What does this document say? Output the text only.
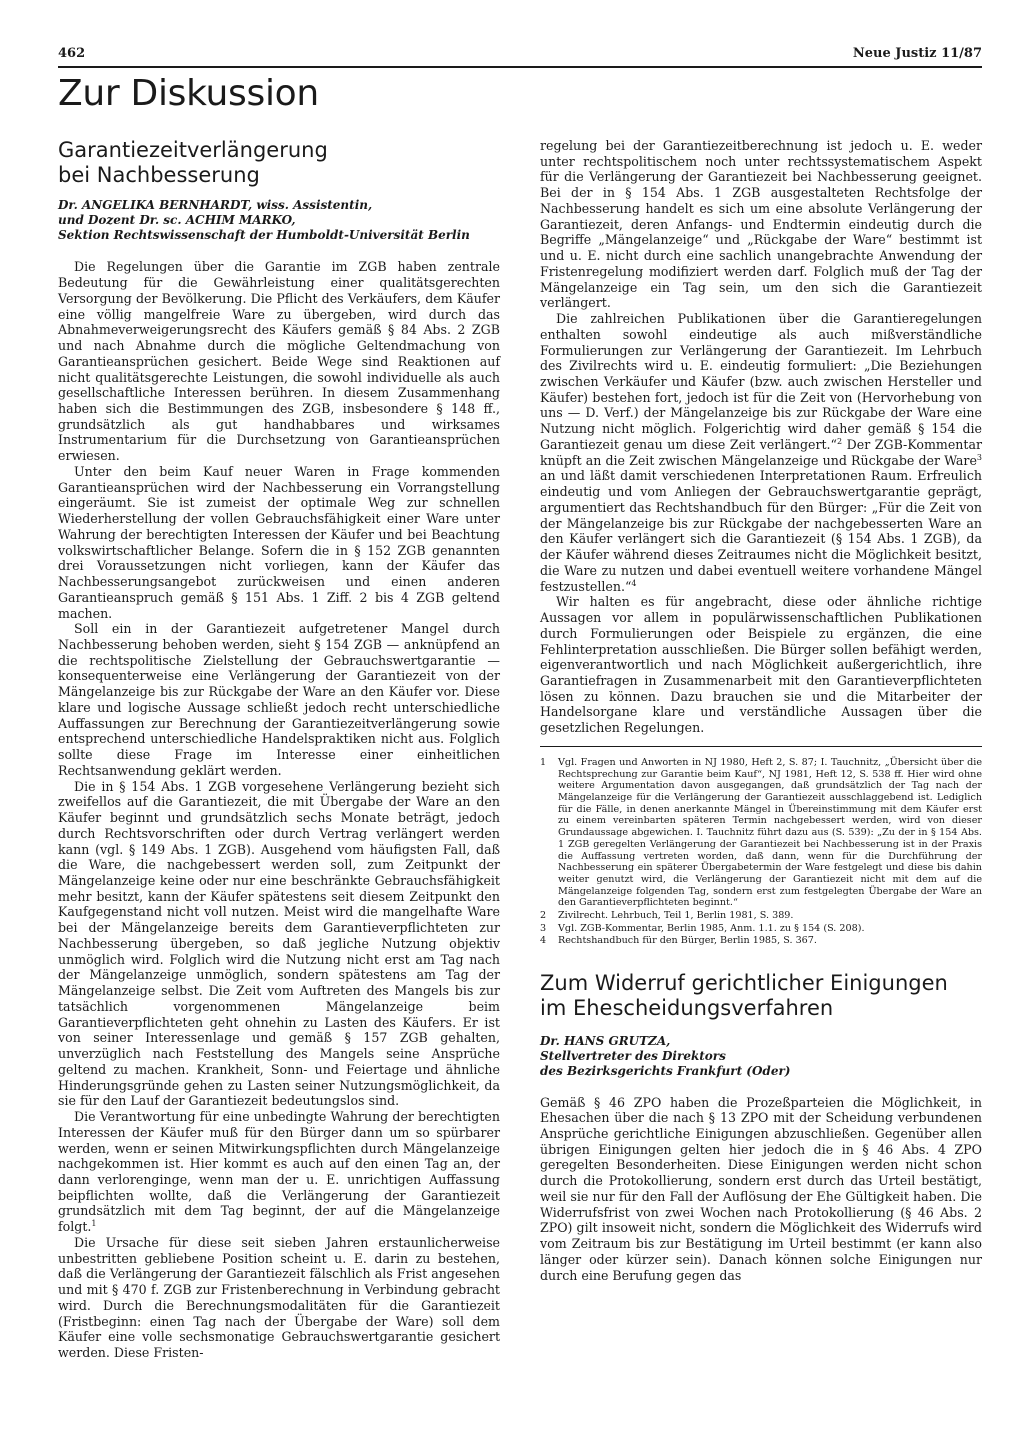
462	Neue Justiz 11/87
Zur Diskussion
Garantiezeitverlängerung
bei Nachbesserung
Dr. ANGELIKA BERNHARDT, wiss. Assistentin,
und Dozent Dr. sc. ACHIM MARKO,
Sektion Rechtswissenschaft der Humboldt-Universität Berlin

Die Regelungen über die Garantie im ZGB haben zentrale Bedeutung für die Gewährleistung einer qualitätsgerechten Versorgung der Bevölkerung. Die Pflicht des Verkäufers, dem Käufer eine völlig mangelfreie Ware zu übergeben, wird durch das Abnahmeverweigerungsrecht des Käufers gemäß § 84 Abs. 2 ZGB und nach Abnahme durch die mögliche Geltendmachung von Garantieansprüchen gesichert. Beide Wege sind Reaktionen auf nicht qualitätsgerechte Leistungen, die sowohl individuelle als auch gesellschaftliche Interessen berühren. In diesem Zusammenhang haben sich die Bestimmungen des ZGB, insbesondere § 148 ff., grundsätzlich als gut handhabbares und wirksames Instrumentarium für die Durchsetzung von Garantieansprüchen erwiesen.

Unter den beim Kauf neuer Waren in Frage kommenden Garantieansprüchen wird der Nachbesserung ein Vorrangstellung eingeräumt. Sie ist zumeist der optimale Weg zur schnellen Wiederherstellung der vollen Gebrauchsfähigkeit einer Ware unter Wahrung der berechtigten Interessen der Käufer und bei Beachtung volkswirtschaftlicher Belange. Sofern die in § 152 ZGB genannten drei Voraussetzungen nicht vorliegen, kann der Käufer das Nachbesserungsangebot zurückweisen und einen anderen Garantieanspruch gemäß § 151 Abs. 1 Ziff. 2 bis 4 ZGB geltend machen.

Soll ein in der Garantiezeit aufgetretener Mangel durch Nachbesserung behoben werden, sieht § 154 ZGB — anknüpfend an die rechtspolitische Zielstellung der Gebrauchswertgarantie — konsequenterweise eine Verlängerung der Garantiezeit von der Mängelanzeige bis zur Rückgabe der Ware an den Käufer vor. Diese klare und logische Aussage schließt jedoch recht unterschiedliche Auffassungen zur Berechnung der Garantiezeitverlängerung sowie entsprechend unterschiedliche Handelspraktiken nicht aus. Folglich sollte diese Frage im Interesse einer einheitlichen Rechtsanwendung geklärt werden.

Die in § 154 Abs. 1 ZGB vorgesehene Verlängerung bezieht sich zweifellos auf die Garantiezeit, die mit Übergabe der Ware an den Käufer beginnt und grundsätzlich sechs Monate beträgt, jedoch durch Rechtsvorschriften oder durch Vertrag verlängert werden kann (vgl. § 149 Abs. 1 ZGB). Ausgehend vom häufigsten Fall, daß die Ware, die nachgebessert werden soll, zum Zeitpunkt der Mängelanzeige keine oder nur eine beschränkte Gebrauchsfähigkeit mehr besitzt, kann der Käufer spätestens seit diesem Zeitpunkt den Kaufgegenstand nicht voll nutzen. Meist wird die mangelhafte Ware bei der Mängelanzeige bereits dem Garantieverpflichteten zur Nachbesserung übergeben, so daß jegliche Nutzung objektiv unmöglich wird. Folglich wird die Nutzung nicht erst am Tag nach der Mängelanzeige unmöglich, sondern spätestens am Tag der Mängelanzeige selbst. Die Zeit vom Auftreten des Mangels bis zur tatsächlich vorgenommenen Mängelanzeige beim Garantieverpflichteten geht ohnehin zu Lasten des Käufers. Er ist von seiner Interessenlage und gemäß § 157 ZGB gehalten, unverzüglich nach Feststellung des Mangels seine Ansprüche geltend zu machen. Krankheit, Sonn- und Feiertage und ähnliche Hinderungsgründe gehen zu Lasten seiner Nutzungsmöglichkeit, da sie für den Lauf der Garantiezeit bedeutungslos sind.

Die Verantwortung für eine unbedingte Wahrung der berechtigten Interessen der Käufer muß für den Bürger dann um so spürbarer werden, wenn er seinen Mitwirkungspflichten durch Mängelanzeige nachgekommen ist. Hier kommt es auch auf den einen Tag an, der dann verlorenginge, wenn man der u. E. unrichtigen Auffassung beipflichten wollte, daß die Verlängerung der Garantiezeit grundsätzlich mit dem Tag beginnt, der auf die Mängelanzeige folgt.$^1$

Die Ursache für diese seit sieben Jahren erstaunlicherweise unbestritten gebliebene Position scheint u. E. darin zu bestehen, daß die Verlängerung der Garantiezeit fälschlich als Frist angesehen und mit § 470 f. ZGB zur Fristenberechnung in Verbindung gebracht wird. Durch die Berechnungsmodalitäten für die Garantiezeit (Fristbeginn: einen Tag nach der Übergabe der Ware) soll dem Käufer eine volle sechsmonatige Gebrauchswertgarantie gesichert werden. Diese Fristen-

regelung bei der Garantiezeitberechnung ist jedoch u. E. weder unter rechtspolitischem noch unter rechtssystematischem Aspekt für die Verlängerung der Garantiezeit bei Nachbesserung geeignet. Bei der in § 154 Abs. 1 ZGB ausgestalteten Rechtsfolge der Nachbesserung handelt es sich um eine absolute Verlängerung der Garantiezeit, deren Anfangs- und Endtermin eindeutig durch die Begriffe „Mängelanzeige“ und „Rückgabe der Ware“ bestimmt ist und u. E. nicht durch eine sachlich unangebrachte Anwendung der Fristenregelung modifiziert werden darf. Folglich muß der Tag der Mängelanzeige ein Tag sein, um den sich die Garantiezeit verlängert.

Die zahlreichen Publikationen über die Garantieregelungen enthalten sowohl eindeutige als auch mißverständliche Formulierungen zur Verlängerung der Garantiezeit. Im Lehrbuch des Zivilrechts wird u. E. eindeutig formuliert: „Die Beziehungen zwischen Verkäufer und Käufer (bzw. auch zwischen Hersteller und Käufer) bestehen fort, jedoch ist für die Zeit von (Hervorhebung von uns — D. Verf.) der Mängelanzeige bis zur Rückgabe der Ware eine Nutzung nicht möglich. Folgerichtig wird daher gemäß § 154 die Garantiezeit genau um diese Zeit verlängert.“$^2$ Der ZGB-Kommentar knüpft an die Zeit zwischen Mängelanzeige und Rückgabe der Ware$^3$ an und läßt damit verschiedenen Interpretationen Raum. Erfreulich eindeutig und vom Anliegen der Gebrauchswertgarantie geprägt, argumentiert das Rechtshandbuch für den Bürger: „Für die Zeit von der Mängelanzeige bis zur Rückgabe der nachgebesserten Ware an den Käufer verlängert sich die Garantiezeit (§ 154 Abs. 1 ZGB), da der Käufer während dieses Zeitraumes nicht die Möglichkeit besitzt, die Ware zu nutzen und dabei eventuell weitere vorhandene Mängel festzustellen.“$^4$

Wir halten es für angebracht, diese oder ähnliche richtige Aussagen vor allem in populärwissenschaftlichen Publikationen durch Formulierungen oder Beispiele zu ergänzen, die eine Fehlinterpretation ausschließen. Die Bürger sollen befähigt werden, eigenverantwortlich und nach Möglichkeit außergerichtlich, ihre Garantiefragen in Zusammenarbeit mit den Garantieverpflichteten lösen zu können. Dazu brauchen sie und die Mitarbeiter der Handelsorgane klare und verständliche Aussagen über die gesetzlichen Regelungen.

1 Vgl. Fragen und Anworten in NJ 1980, Heft 2, S. 87; I. Tauchnitz, „Übersicht über die Rechtsprechung zur Garantie beim Kauf“, NJ 1981, Heft 12, S. 538 ff. Hier wird ohne weitere Argumentation davon ausgegangen, daß grundsätzlich der Tag nach der Mängelanzeige für die Verlängerung der Garantiezeit ausschlaggebend ist. Lediglich für die Fälle, in denen anerkannte Mängel in Übereinstimmung mit dem Käufer erst zu einem vereinbarten späteren Termin nachgebessert werden, wird von dieser Grundaussage abgewichen. I. Tauchnitz führt dazu aus (S. 539): „Zu der in § 154 Abs. 1 ZGB geregelten Verlängerung der Garantiezeit bei Nachbesserung ist in der Praxis die Auffassung vertreten worden, daß dann, wenn für die Durchführung der Nachbesserung ein späterer Übergabetermin der Ware festgelegt und diese bis dahin weiter genutzt wird, die Verlängerung der Garantiezeit nicht mit dem auf die Mängelanzeige folgenden Tag, sondern erst zum festgelegten Übergabe der Ware an den Garantieverpflichteten beginnt.“
2 Zivilrecht. Lehrbuch, Teil 1, Berlin 1981, S. 389.
3 Vgl. ZGB-Kommentar, Berlin 1985, Anm. 1.1. zu § 154 (S. 208).
4 Rechtshandbuch für den Bürger, Berlin 1985, S. 367.
Zum Widerruf gerichtlicher Einigungen
im Ehescheidungsverfahren
Dr. HANS GRUTZA,
Stellvertreter des Direktors
des Bezirksgerichts Frankfurt (Oder)

Gemäß § 46 ZPO haben die Prozeßparteien die Möglichkeit, in Ehesachen über die nach § 13 ZPO mit der Scheidung verbundenen Ansprüche gerichtliche Einigungen abzuschließen. Gegenüber allen übrigen Einigungen gelten hier jedoch die in § 46 Abs. 4 ZPO geregelten Besonderheiten. Diese Einigungen werden nicht schon durch die Protokollierung, sondern erst durch das Urteil bestätigt, weil sie nur für den Fall der Auflösung der Ehe Gültigkeit haben. Die Widerrufsfrist von zwei Wochen nach Protokollierung (§ 46 Abs. 2 ZPO) gilt insoweit nicht, sondern die Möglichkeit des Widerrufs wird vom Zeitraum bis zur Bestätigung im Urteil bestimmt (er kann also länger oder kürzer sein). Danach können solche Einigungen nur durch eine Berufung gegen das
